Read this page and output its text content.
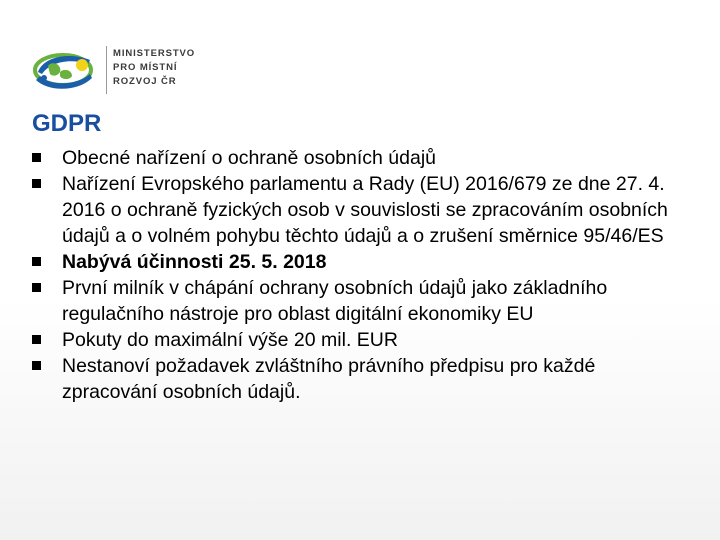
MINISTERSTVO
PRO MÍSTNÍ
ROZVOJ ČR
GDPR
Obecné nařízení o ochraně osobních údajů
Nařízení Evropského parlamentu a Rady (EU) 2016/679 ze dne 27. 4. 2016 o ochraně fyzických osob v souvislosti se zpracováním osobních údajů a o volném pohybu těchto údajů a o zrušení směrnice 95/46/ES
Nabývá účinnosti 25. 5. 2018
První milník v chápání ochrany osobních údajů jako základního regulačního nástroje pro oblast digitální ekonomiky EU
Pokuty do maximální výše 20 mil. EUR
Nestanoví požadavek zvláštního právního předpisu pro každé zpracování osobních údajů.
